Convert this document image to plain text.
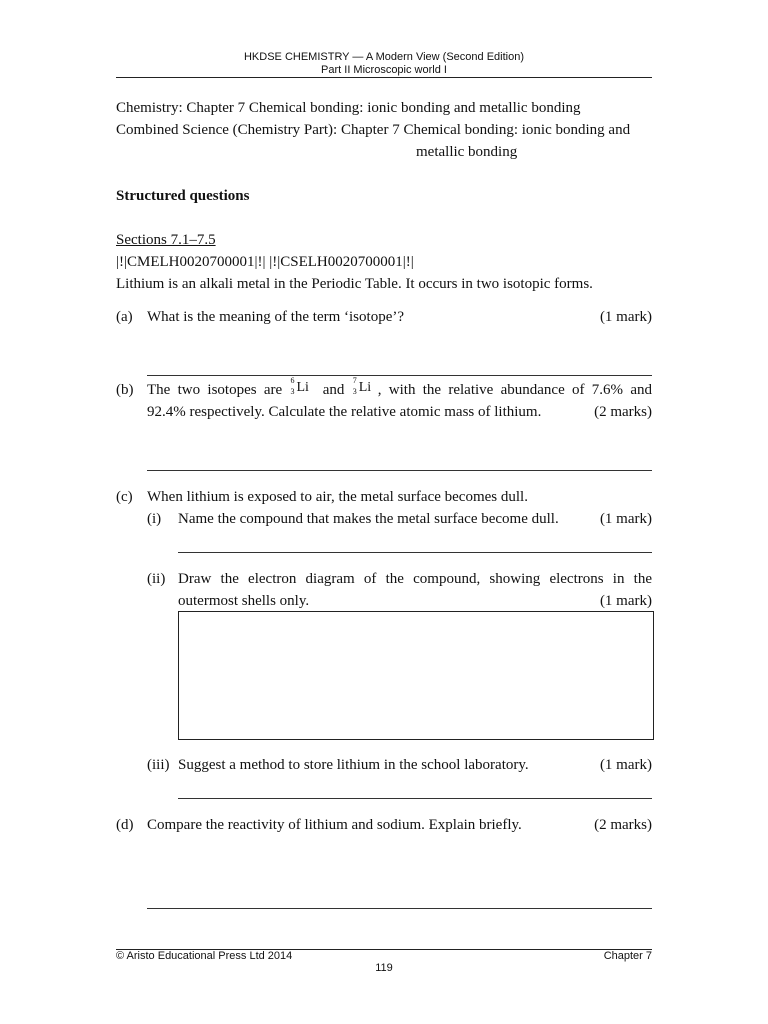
HKDSE CHEMISTRY — A Modern View (Second Edition)
Part II Microscopic world I
Chemistry: Chapter 7 Chemical bonding: ionic bonding and metallic bonding
Combined Science (Chemistry Part): Chapter 7 Chemical bonding: ionic bonding and
metallic bonding
Structured questions
Sections 7.1–7.5
|!|CMELH0020700001|!| |!|CSELH0020700001|!|
Lithium is an alkali metal in the Periodic Table. It occurs in two isotopic forms.
(a) What is the meaning of the term ‘isotope’?	(1 mark)
(b) The two isotopes are
6
3 Li and
7
3 Li , with the relative abundance of 7.6% and
92.4% respectively. Calculate the relative atomic mass of lithium.	(2 marks)
(c) When lithium is exposed to air, the metal surface becomes dull.
(i) Name the compound that makes the metal surface become dull.	(1 mark)
(ii) Draw the electron diagram of the compound, showing electrons in the
outermost shells only.	(1 mark)
(iii) Suggest a method to store lithium in the school laboratory.	(1 mark)
(d) Compare the reactivity of lithium and sodium. Explain briefly.	(2 marks)
© Aristo Educational Press Ltd 2014	Chapter 7
119
